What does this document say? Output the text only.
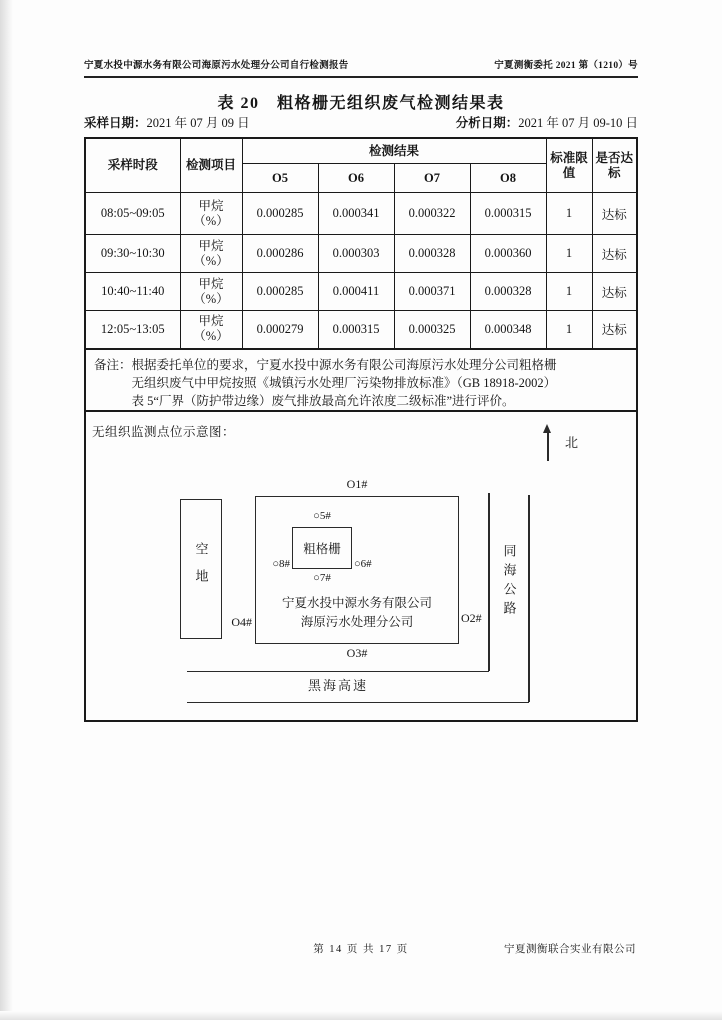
宁夏水投中源水务有限公司海原污水处理分公司自行检测报告	宁夏测衡委托 2021 第（1210）号
表 20　粗格栅无组织废气检测结果表
采样日期：2021 年 07 月 09 日	分析日期：2021 年 07 月 09-10 日
采样时段	检测项目	检测结果				标准限值	是否达标
		O5	O6	O7	O8		
08:05~09:05	甲烷
（%）	0.000285	0.000341	0.000322	0.000315	1	达标
09:30~10:30	甲烷
（%）	0.000286	0.000303	0.000328	0.000360	1	达标
10:40~11:40	甲烷
（%）	0.000285	0.000411	0.000371	0.000328	1	达标
12:05~13:05	甲烷
（%）	0.000279	0.000315	0.000325	0.000348	1	达标
备注： 根据委托单位的要求，宁夏水投中源水务有限公司海原污水处理分公司粗格栅
无组织废气中甲烷按照《城镇污水处理厂污染物排放标准》（GB 18918-2002）
表 5“厂界（防护带边缘）废气排放最高允许浓度二级标准”进行评价。
无组织监测点位示意图：
北
空地
O4#
O1#
O3#
O2#
粗格栅
○5#
○8#	○6#
○7#
宁夏水投中源水务有限公司
海原污水处理分公司
同海公路
黑海高速
第 14 页 共 17 页	宁夏测衡联合实业有限公司
